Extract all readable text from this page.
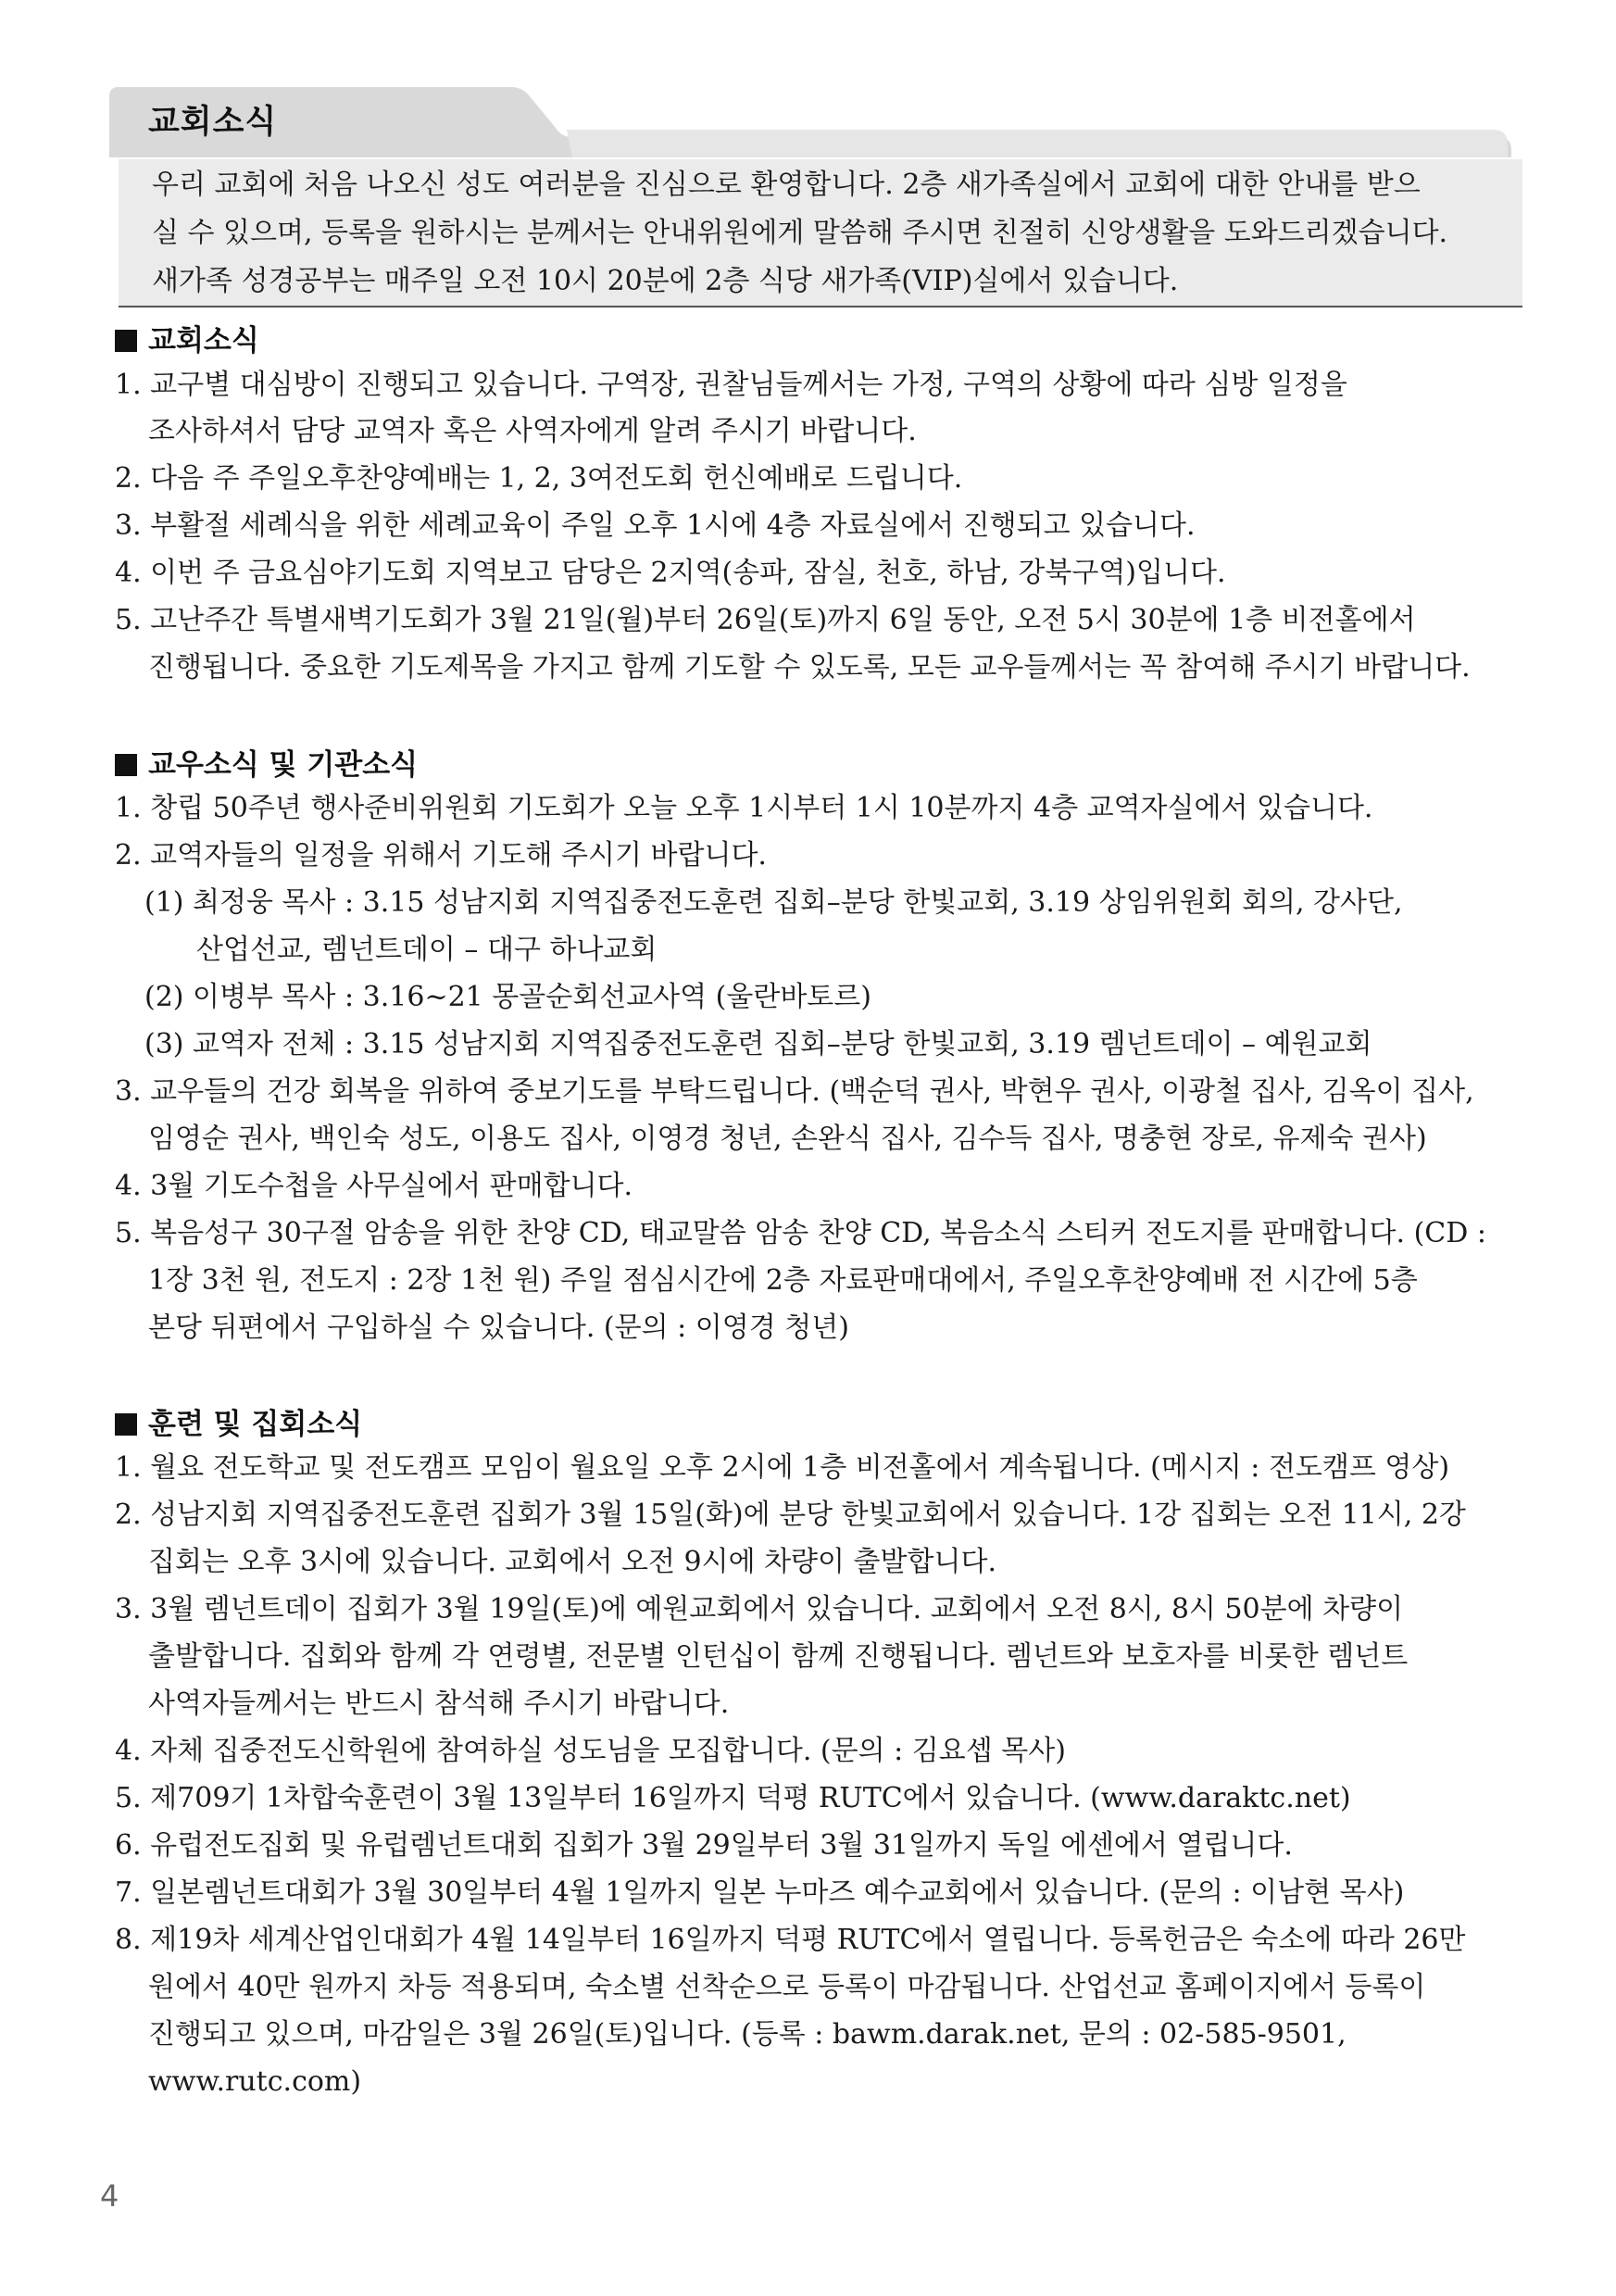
교회소식

우리 교회에 처음 나오신 성도 여러분을 진심으로 환영합니다. 2층 새가족실에서 교회에 대한 안내를 받으

실 수 있으며, 등록을 원하시는 분께서는 안내위원에게 말씀해 주시면 친절히 신앙생활을 도와드리겠습니다.

새가족 성경공부는 매주일 오전 10시 20분에 2층 식당 새가족(VIP)실에서 있습니다.

교회소식
1. 교구별 대심방이 진행되고 있습니다. 구역장, 권찰님들께서는 가정, 구역의 상황에 따라 심방 일정을
조사하셔서 담당 교역자 혹은 사역자에게 알려 주시기 바랍니다.
2. 다음 주 주일오후찬양예배는 1, 2, 3여전도회 헌신예배로 드립니다.
3. 부활절 세례식을 위한 세례교육이 주일 오후 1시에 4층 자료실에서 진행되고 있습니다.
4. 이번 주 금요심야기도회 지역보고 담당은 2지역(송파, 잠실, 천호, 하남, 강북구역)입니다.
5. 고난주간 특별새벽기도회가 3월 21일(월)부터 26일(토)까지 6일 동안, 오전 5시 30분에 1층 비전홀에서
진행됩니다. 중요한 기도제목을 가지고 함께 기도할 수 있도록, 모든 교우들께서는 꼭 참여해 주시기 바랍니다.
교우소식 및 기관소식
1. 창립 50주년 행사준비위원회 기도회가 오늘 오후 1시부터 1시 10분까지 4층 교역자실에서 있습니다.
2. 교역자들의 일정을 위해서 기도해 주시기 바랍니다.
(1) 최정웅 목사 : 3.15 성남지회 지역집중전도훈련 집회–분당 한빛교회, 3.19 상임위원회 회의, 강사단,
산업선교, 렘넌트데이 – 대구 하나교회
(2) 이병부 목사 : 3.16~21 몽골순회선교사역 (울란바토르)
(3) 교역자 전체 : 3.15 성남지회 지역집중전도훈련 집회–분당 한빛교회, 3.19 렘넌트데이 – 예원교회
3. 교우들의 건강 회복을 위하여 중보기도를 부탁드립니다. (백순덕 권사, 박현우 권사, 이광철 집사, 김옥이 집사,
임영순 권사, 백인숙 성도, 이용도 집사, 이영경 청년, 손완식 집사, 김수득 집사, 명충현 장로, 유제숙 권사)
4. 3월 기도수첩을 사무실에서 판매합니다.
5. 복음성구 30구절 암송을 위한 찬양 CD, 태교말씀 암송 찬양 CD, 복음소식 스티커 전도지를 판매합니다. (CD :
1장 3천 원, 전도지 : 2장 1천 원) 주일 점심시간에 2층 자료판매대에서, 주일오후찬양예배 전 시간에 5층
본당 뒤편에서 구입하실 수 있습니다. (문의 : 이영경 청년)
훈련 및 집회소식
1. 월요 전도학교 및 전도캠프 모임이 월요일 오후 2시에 1층 비전홀에서 계속됩니다. (메시지 : 전도캠프 영상)
2. 성남지회 지역집중전도훈련 집회가 3월 15일(화)에 분당 한빛교회에서 있습니다. 1강 집회는 오전 11시, 2강
집회는 오후 3시에 있습니다. 교회에서 오전 9시에 차량이 출발합니다.
3. 3월 렘넌트데이 집회가 3월 19일(토)에 예원교회에서 있습니다. 교회에서 오전 8시, 8시 50분에 차량이
출발합니다. 집회와 함께 각 연령별, 전문별 인턴십이 함께 진행됩니다. 렘넌트와 보호자를 비롯한 렘넌트
사역자들께서는 반드시 참석해 주시기 바랍니다.
4. 자체 집중전도신학원에 참여하실 성도님을 모집합니다. (문의 : 김요셉 목사)
5. 제709기 1차합숙훈련이 3월 13일부터 16일까지 덕평 RUTC에서 있습니다. (www.daraktc.net)
6. 유럽전도집회 및 유럽렘넌트대회 집회가 3월 29일부터 3월 31일까지 독일 에센에서 열립니다.
7. 일본렘넌트대회가 3월 30일부터 4월 1일까지 일본 누마즈 예수교회에서 있습니다. (문의 : 이남현 목사)
8. 제19차 세계산업인대회가 4월 14일부터 16일까지 덕평 RUTC에서 열립니다. 등록헌금은 숙소에 따라 26만
원에서 40만 원까지 차등 적용되며, 숙소별 선착순으로 등록이 마감됩니다. 산업선교 홈페이지에서 등록이
진행되고 있으며, 마감일은 3월 26일(토)입니다. (등록 : bawm.darak.net, 문의 : 02-585-9501,
www.rutc.com)
4
